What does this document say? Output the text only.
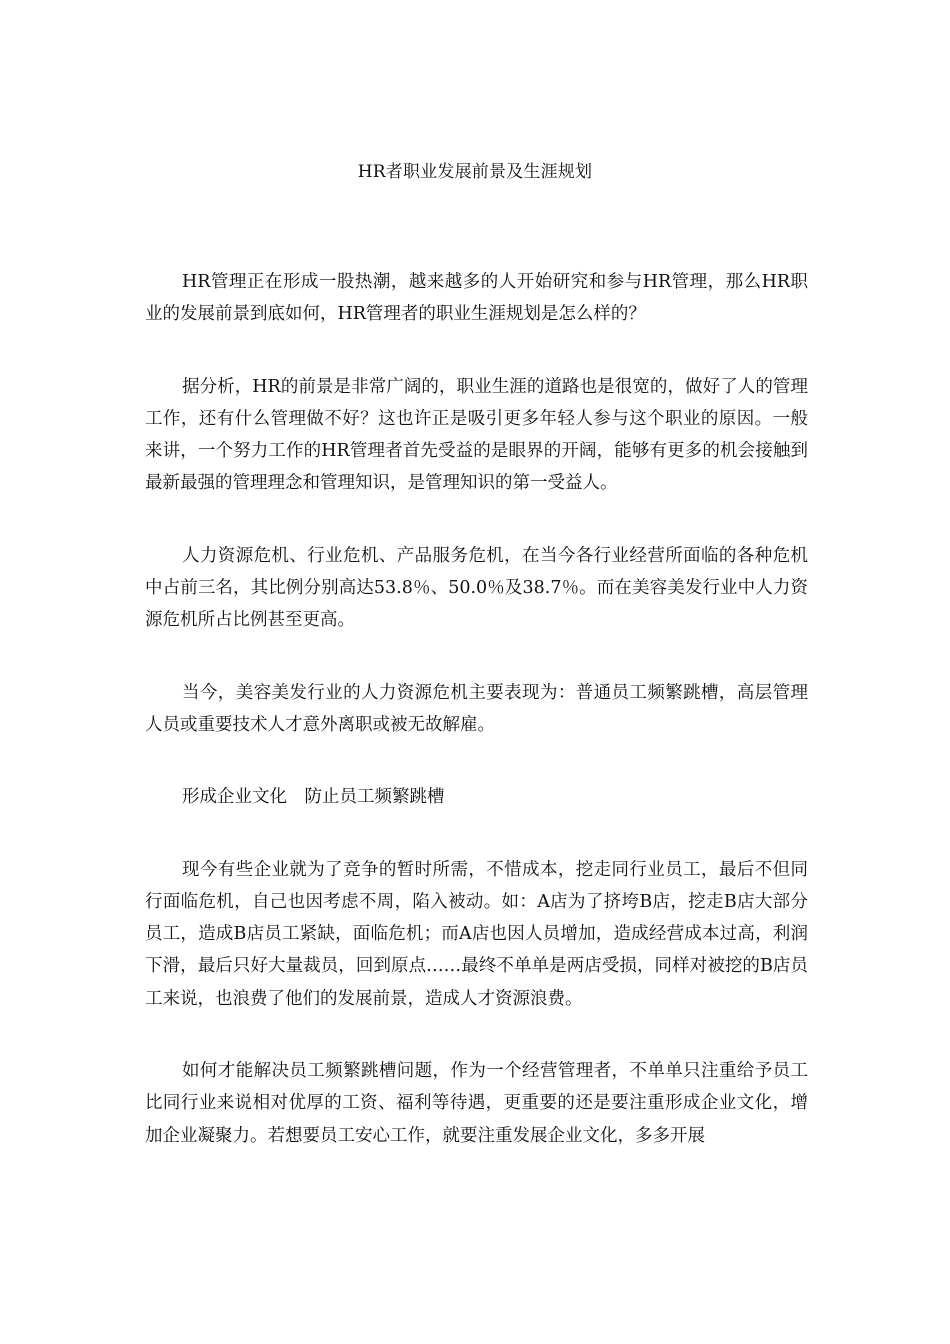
HR者职业发展前景及生涯规划

HR管理正在形成一股热潮，越来越多的人开始研究和参与HR管理，那么HR职业的发展前景到底如何，HR管理者的职业生涯规划是怎么样的？

据分析，HR的前景是非常广阔的，职业生涯的道路也是很宽的，做好了人的管理工作，还有什么管理做不好？这也许正是吸引更多年轻人参与这个职业的原因。一般来讲，一个努力工作的HR管理者首先受益的是眼界的开阔，能够有更多的机会接触到最新最强的管理理念和管理知识，是管理知识的第一受益人。

人力资源危机、行业危机、产品服务危机，在当今各行业经营所面临的各种危机中占前三名，其比例分别高达53.8％、50.0％及38.7％。而在美容美发行业中人力资源危机所占比例甚至更高。

当今，美容美发行业的人力资源危机主要表现为：普通员工频繁跳槽，高层管理人员或重要技术人才意外离职或被无故解雇。

形成企业文化　防止员工频繁跳槽

现今有些企业就为了竞争的暂时所需，不惜成本，挖走同行业员工，最后不但同行面临危机，自己也因考虑不周，陷入被动。如：A店为了挤垮B店，挖走B店大部分员工，造成B店员工紧缺，面临危机；而A店也因人员增加，造成经营成本过高，利润下滑，最后只好大量裁员，回到原点……最终不单单是两店受损，同样对被挖的B店员工来说，也浪费了他们的发展前景，造成人才资源浪费。

如何才能解决员工频繁跳槽问题，作为一个经营管理者，不单单只注重给予员工比同行业来说相对优厚的工资、福利等待遇，更重要的还是要注重形成企业文化，增加企业凝聚力。若想要员工安心工作，就要注重发展企业文化，多多开展
